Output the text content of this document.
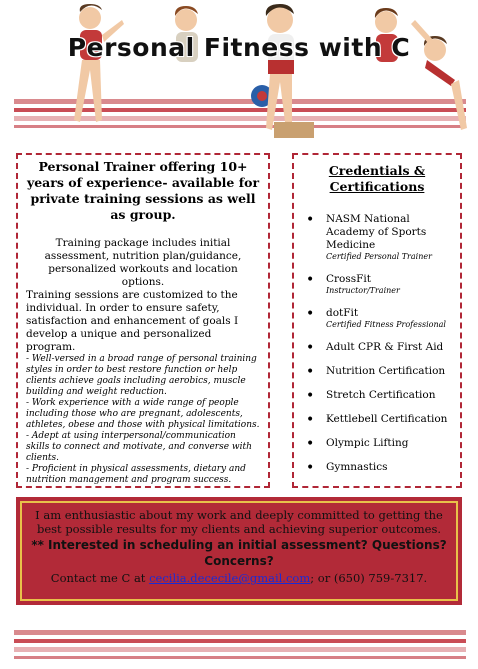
Personal Fitness with C

Personal Trainer offering 10+ years of experience- available for private training sessions as well as group.

Training package includes initial assessment, nutrition plan/guidance, personalized workouts and location options.

Training sessions are customized to the individual. In order to ensure safety, satisfaction and enhancement of goals I develop a unique and personalized program.

- Well-versed in a broad range of personal training styles in order to best restore function or help clients achieve goals including aerobics, muscle building and weight reduction.

- Work experience with a wide range of people including those who are pregnant, adolescents, athletes, obese and those with physical limitations.

- Adept at using interpersonal/communication skills to connect and motivate, and converse with clients.

- Proficient in physical assessments, dietary and nutrition management and program success.

Credentials & Certifications

• NASM National Academy of Sports Medicine
Certified Personal Trainer
• CrossFit
Instructor/Trainer
• dotFit
Certified Fitness Professional
• Adult CPR & First Aid
• Nutrition Certification
• Stretch Certification
• Kettlebell Certification
• Olympic Lifting
• Gymnastics

I am enthusiastic about my work and deeply committed to getting the best possible results for my clients and achieving superior outcomes.

** Interested in scheduling an initial assessment? Questions? Concerns?

Contact me C at cecilia.dececile@gmail.com; or (650) 759-7317.
